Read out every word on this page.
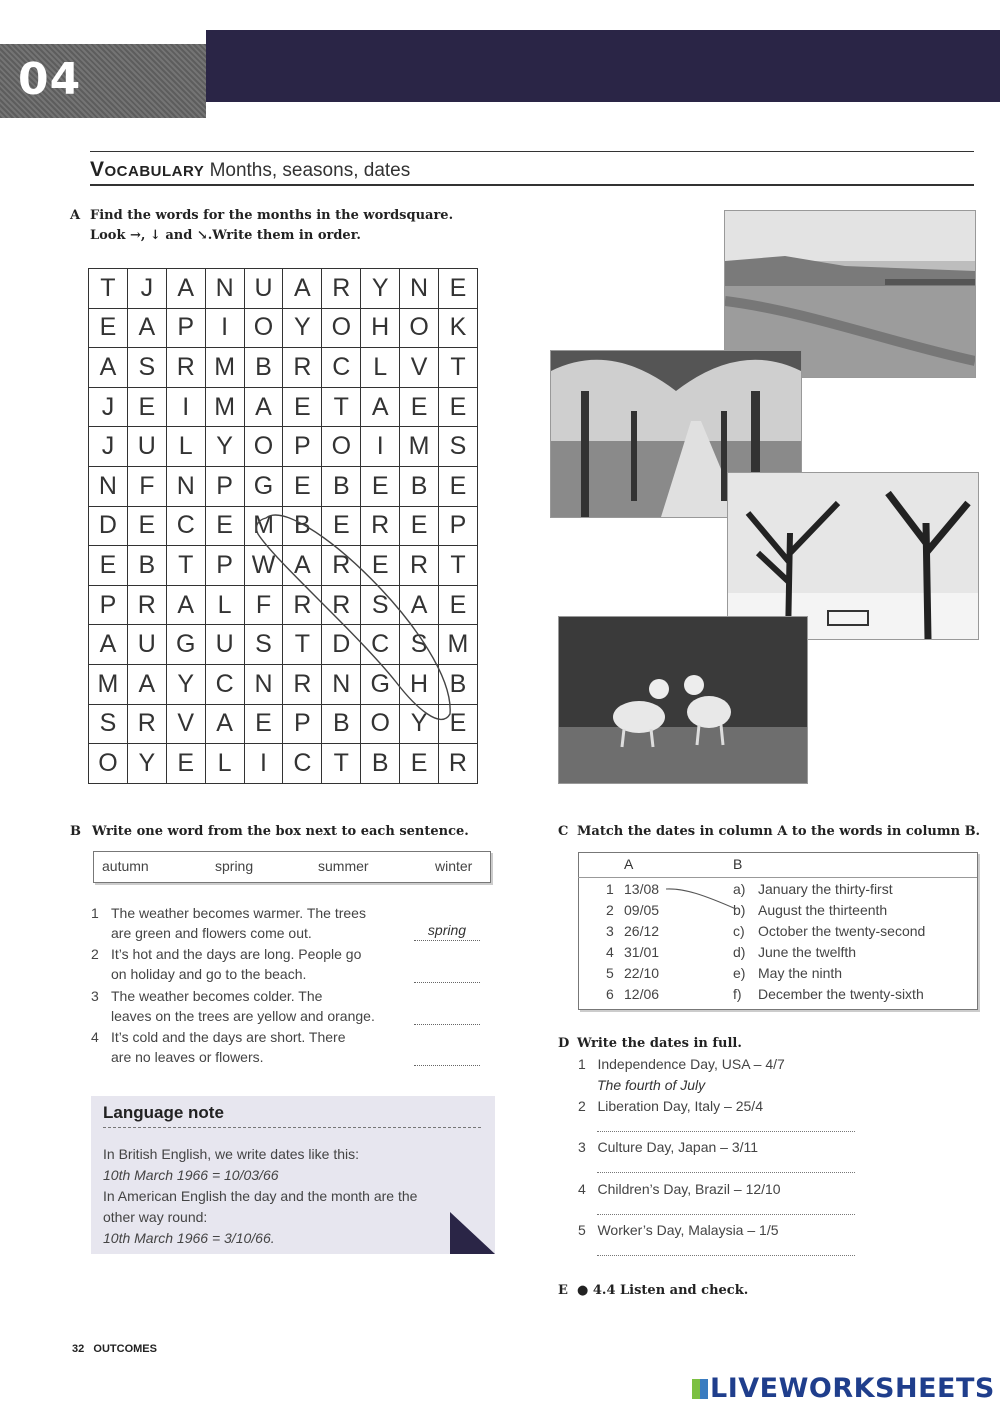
04
Vocabulary Months, seasons, dates
A Find the words for the months in the wordsquare.
Look →, ↓ and ↘.Write them in order.
T	J	A	N	U	A	R	Y	N	E
E	A	P	I	O	Y	O	H	O	K
A	S	R	M	B	R	C	L	V	T
J	E	I	M	A	E	T	A	E	E
J	U	L	Y	O	P	O	I	M	S
N	F	N	P	G	E	B	E	B	E
D	E	C	E	M	B	E	R	E	P
E	B	T	P	W	A	R	E	R	T
P	R	A	L	F	R	R	S	A	E
A	U	G	U	S	T	D	C	S	M
M	A	Y	C	N	R	N	G	H	B
S	R	V	A	E	P	B	O	Y	E
O	Y	E	L	I	C	T	B	E	R
B Write one word from the box next to each sentence.
autumn	spring	summer	winter
1 The weather becomes warmer. The trees
are green and flowers come out.	spring
2 It’s hot and the days are long. People go
on holiday and go to the beach.
3 The weather becomes colder. The
leaves on the trees are yellow and orange.
4 It’s cold and the days are short. There
are no leaves or flowers.
Language note
In British English, we write dates like this:
10th March 1966 = 10/03/66
In American English the day and the month are the
other way round:
10th March 1966 = 3/10/66.
C Match the dates in column A to the words in column B.
A	B
1 13/08	a) January the thirty-first
2 09/05	b) August the thirteenth
3 26/12	c) October the twenty-second
4 31/01	d) June the twelfth
5 22/10	e) May the ninth
6 12/06	f) December the twenty-sixth
D Write the dates in full.
1 Independence Day, USA – 4/7
The fourth of July
2 Liberation Day, Italy – 25/4
3 Culture Day, Japan – 3/11
4 Children’s Day, Brazil – 12/10
5 Worker’s Day, Malaysia – 1/5
E ● 4.4 Listen and check.
32 OUTCOMES
LIVEWORKSHEETS
